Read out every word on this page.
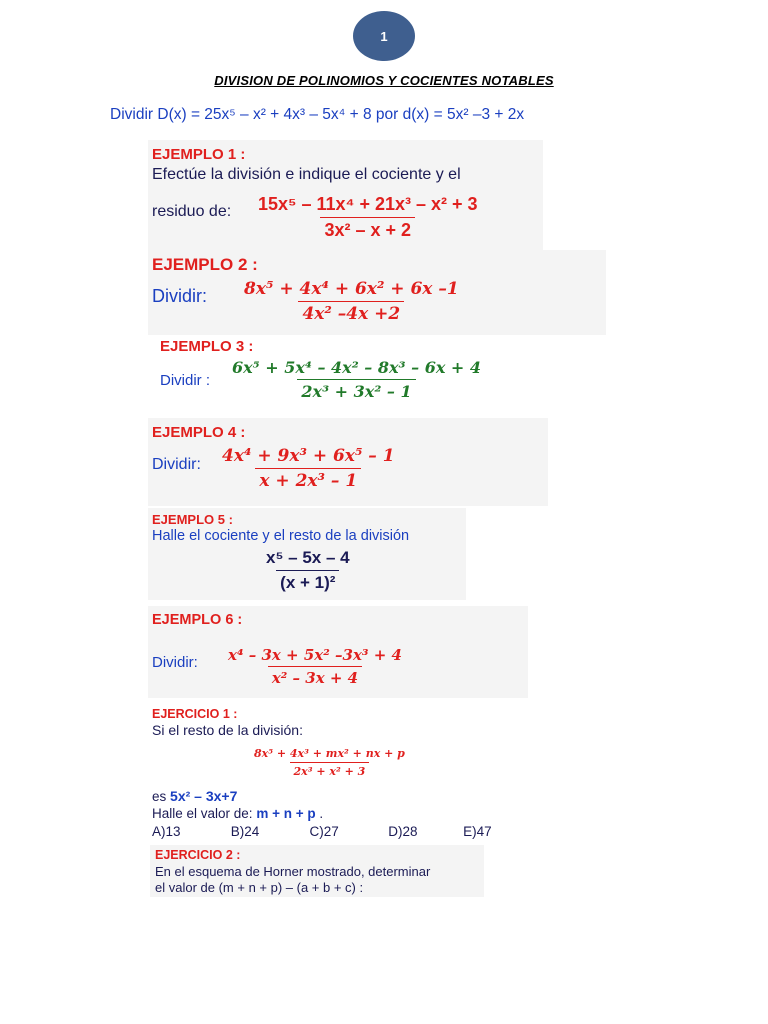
1
DIVISION DE POLINOMIOS Y COCIENTES NOTABLES
Dividir D(x) = 25x⁵ – x² + 4x³ – 5x⁴ + 8 por d(x) = 5x² –3 + 2x
EJEMPLO 1 :
Efectúe la división e indique el cociente y el
residuo de: $\frac{\text{15x⁵ – 11x⁴ + 21x³ – x² + 3}}{\text{3x² – x + 2}}$
EJEMPLO 2 :
Dividir: $\frac{\text{8x⁵ + 4x⁴ + 6x² + 6x –1}}{\text{4x² –4x +2}}$
EJEMPLO 3 :
Dividir : $\frac{\text{6x⁵ + 5x⁴ – 4x² – 8x³ – 6x + 4}}{\text{2x³ + 3x² – 1}}$
EJEMPLO 4 :
Dividir: $\frac{\text{4x⁴ + 9x³ + 6x⁵ – 1}}{\text{x + 2x³ – 1}}$
EJEMPLO 5 :
Halle el cociente y el resto de la división
$\frac{\text{x⁵ – 5x – 4}}{\text{(x + 1)²}}$
EJEMPLO 6 :
Dividir: $\frac{\text{x⁴ – 3x + 5x² –3x³ + 4}}{\text{x² – 3x + 4}}$
EJERCICIO 1 :
Si el resto de la división:
$\frac{\text{8x⁵ + 4x³ + mx² + nx + p}}{\text{2x³ + x² + 3}}$
es 5x² – 3x+7
Halle el valor de: m + n + p .
A)13	B)24	C)27	D)28	E)47
EJERCICIO 2 :
En el esquema de Horner mostrado, determinar
el valor de (m + n + p) – (a + b + c) :
